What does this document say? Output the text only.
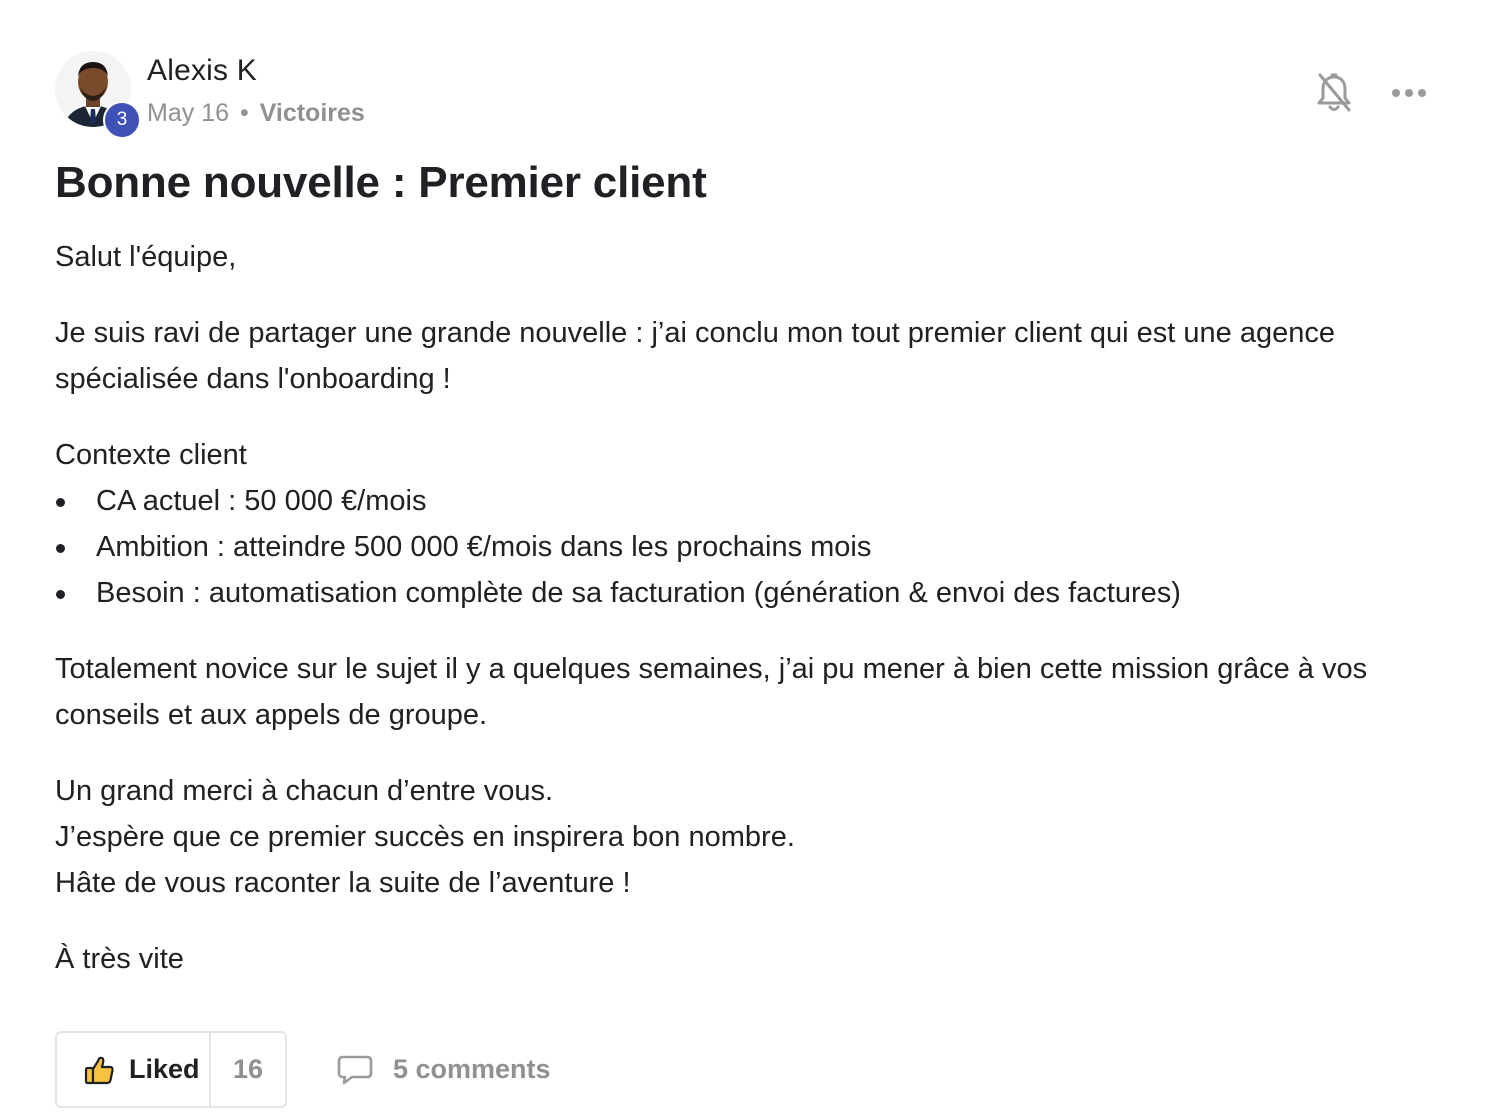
3
Alexis K
May 16 • Victoires
Bonne nouvelle : Premier client

Salut l'équipe,

Je suis ravi de partager une grande nouvelle : j’ai conclu mon tout premier client qui est une agence spécialisée dans l'onboarding !

Contexte client

CA actuel : 50 000 €/mois
Ambition : atteindre 500 000 €/mois dans les prochains mois
Besoin : automatisation complète de sa facturation (génération & envoi des factures)

Totalement novice sur le sujet il y a quelques semaines, j’ai pu mener à bien cette mission grâce à vos conseils et aux appels de groupe.

Un grand merci à chacun d’entre vous.

J’espère que ce premier succès en inspirera bon nombre.

Hâte de vous raconter la suite de l’aventure !

À très vite

Liked	16	5 comments
